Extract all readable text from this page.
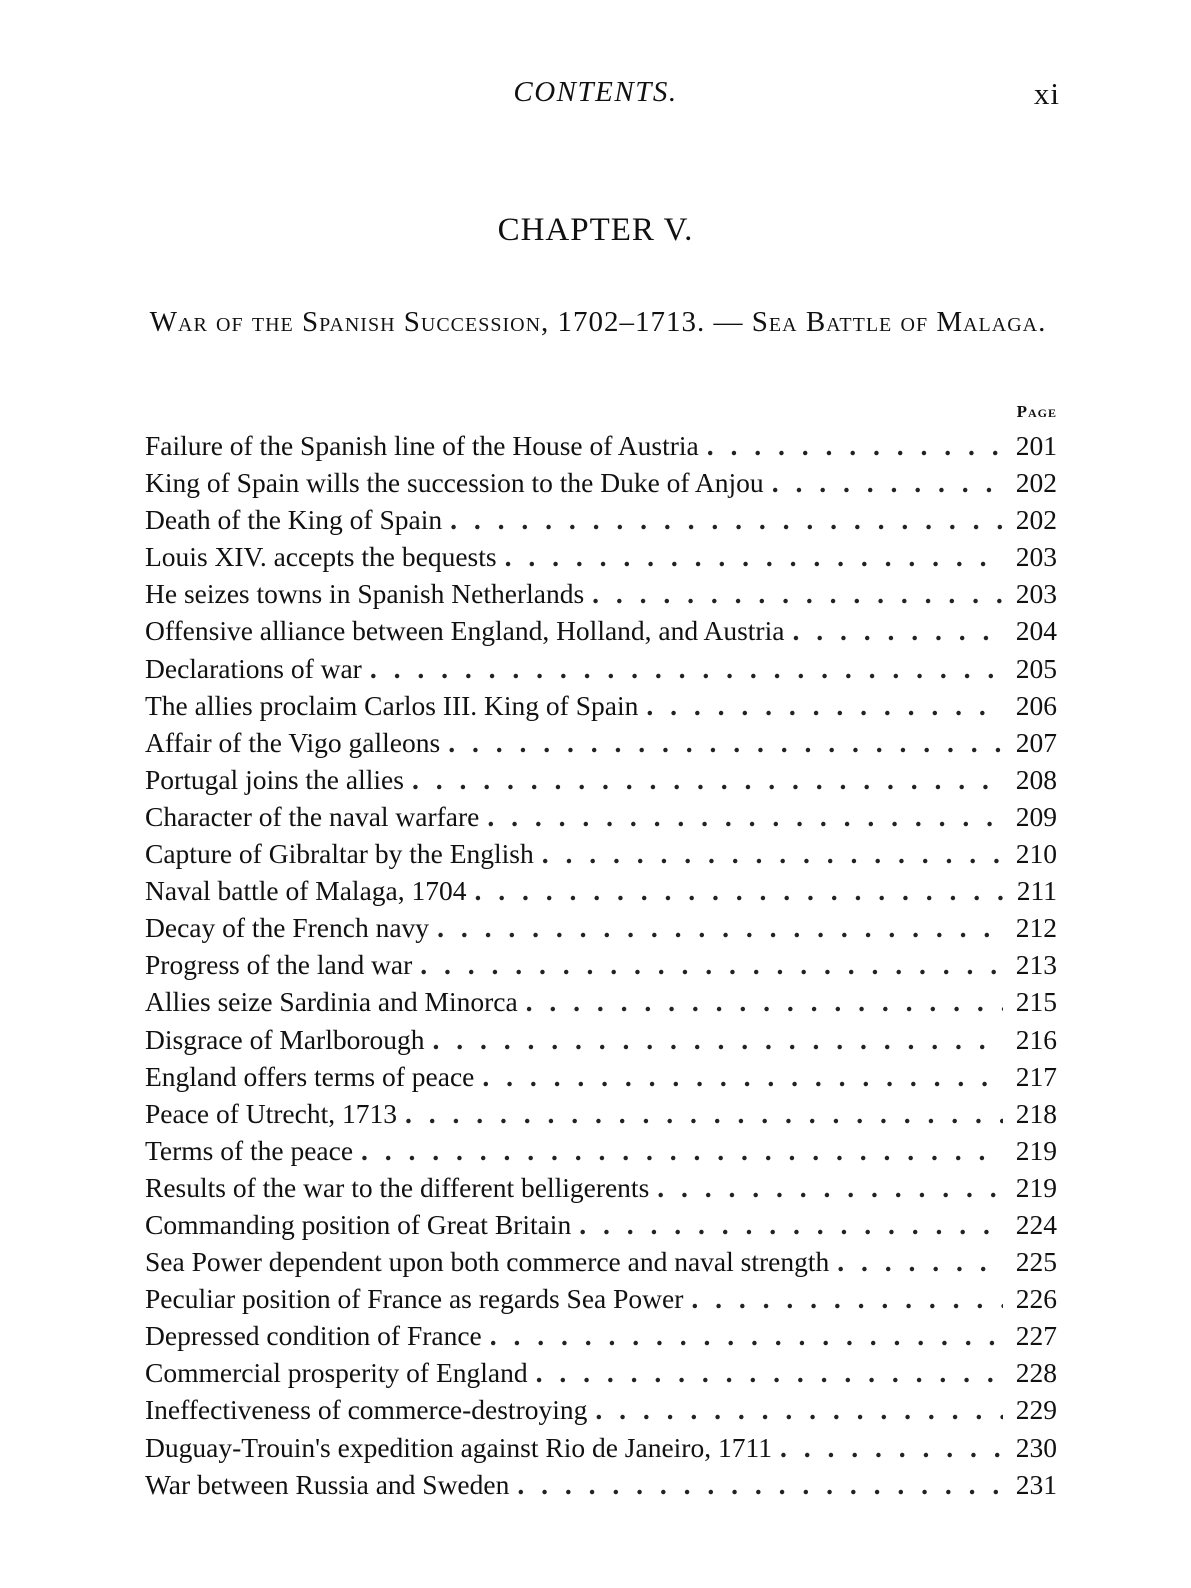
CONTENTS.	xi
CHAPTER V.
War of the Spanish Succession, 1702–1713. — Sea Battle of Malaga.
Page
Failure of the Spanish line of the House of Austria . . .	201
King of Spain wills the succession to the Duke of Anjou . . .	202
Death of the King of Spain . . .	202
Louis XIV. accepts the bequests . . .	203
He seizes towns in Spanish Netherlands . . .	203
Offensive alliance between England, Holland, and Austria . . .	204
Declarations of war . . .	205
The allies proclaim Carlos III. King of Spain . . .	206
Affair of the Vigo galleons . . .	207
Portugal joins the allies . . .	208
Character of the naval warfare . . .	209
Capture of Gibraltar by the English . . .	210
Naval battle of Malaga, 1704 . . .	211
Decay of the French navy . . .	212
Progress of the land war . . .	213
Allies seize Sardinia and Minorca . . .	215
Disgrace of Marlborough . . .	216
England offers terms of peace . . .	217
Peace of Utrecht, 1713 . . .	218
Terms of the peace . . .	219
Results of the war to the different belligerents . . .	219
Commanding position of Great Britain . . .	224
Sea Power dependent upon both commerce and naval strength . . .	225
Peculiar position of France as regards Sea Power . . .	226
Depressed condition of France . . .	227
Commercial prosperity of England . . .	228
Ineffectiveness of commerce-destroying . . .	229
Duguay-Trouin's expedition against Rio de Janeiro, 1711 . . .	230
War between Russia and Sweden . . .	231
